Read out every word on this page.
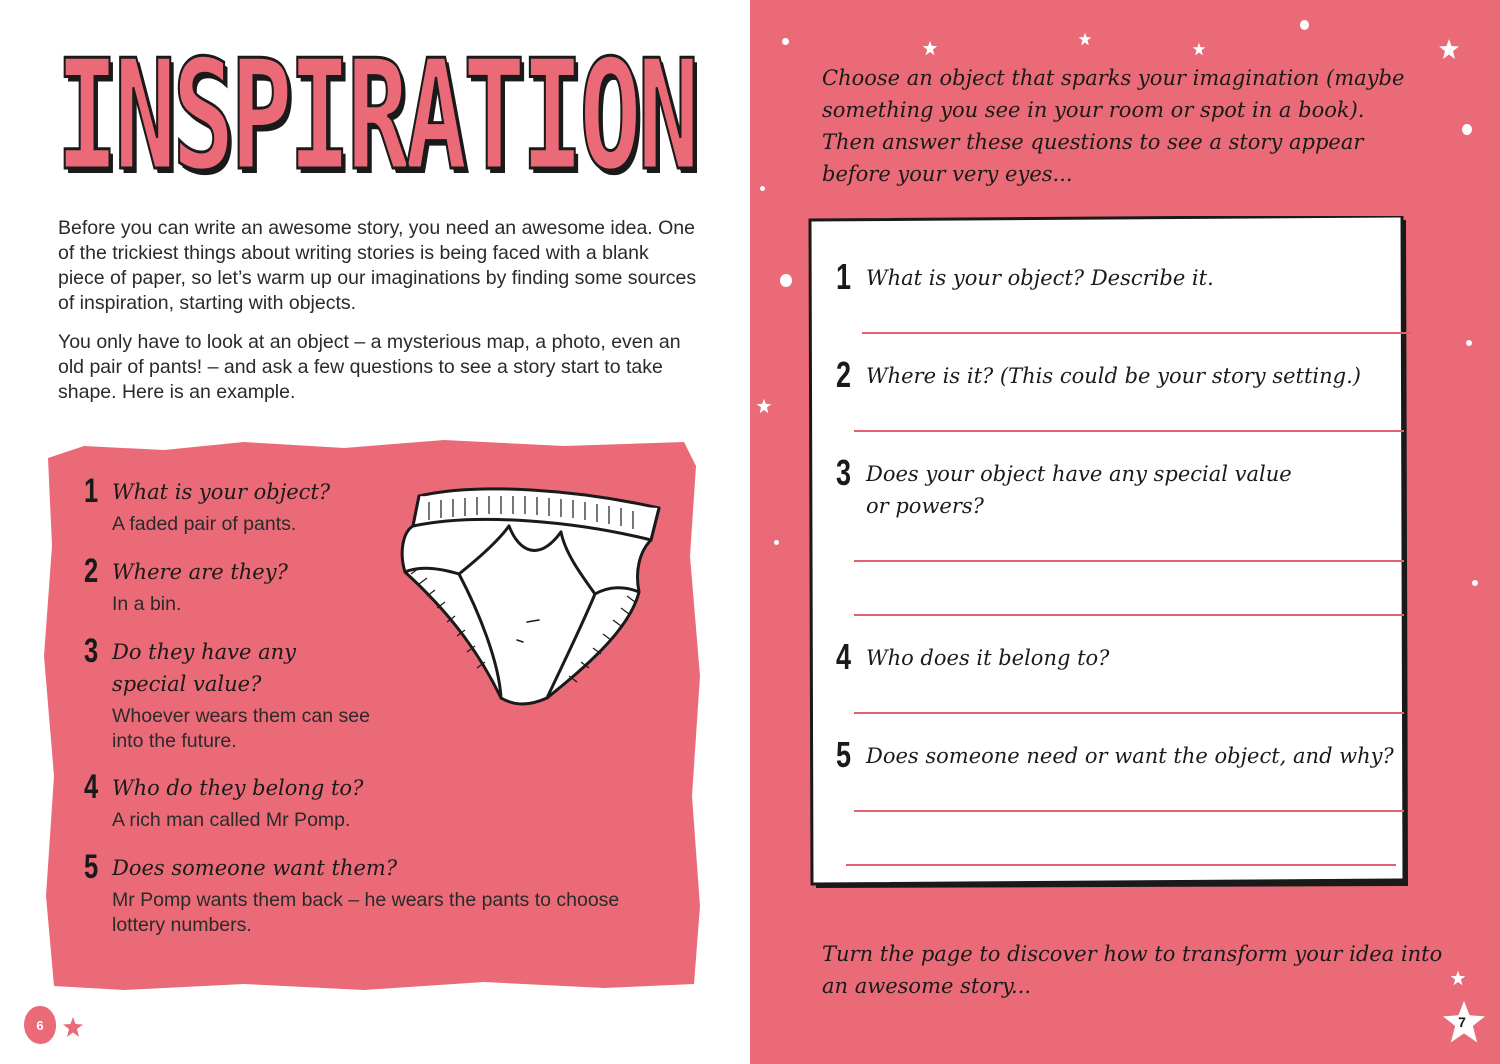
INSPIRATION

Before you can write an awesome story, you need an awesome idea. One of the trickiest things about writing stories is being faced with a blank piece of paper, so let’s warm up our imaginations by finding some sources of inspiration, starting with objects.

You only have to look at an object – a mysterious map, a photo, even an old pair of pants! – and ask a few questions to see a story start to take shape. Here is an example.

1 What is your object?
A faded pair of pants.
2 Where are they?
In a bin.
3 Do they have any
special value?
Whoever wears them can see
into the future.
4 Who do they belong to?
A rich man called Mr Pomp.
5 Does someone want them?
Mr Pomp wants them back – he wears the pants to choose lottery numbers.
6
Choose an object that sparks your imagination (maybe something you see in your room or spot in a book). Then answer these questions to see a story appear before your very eyes...
1 What is your object? Describe it.
2 Where is it? (This could be your story setting.)
3 Does your object have any special value
or powers?
4 Who does it belong to?
5 Does someone need or want the object, and why?
Turn the page to discover how to transform your idea into an awesome story...
7
